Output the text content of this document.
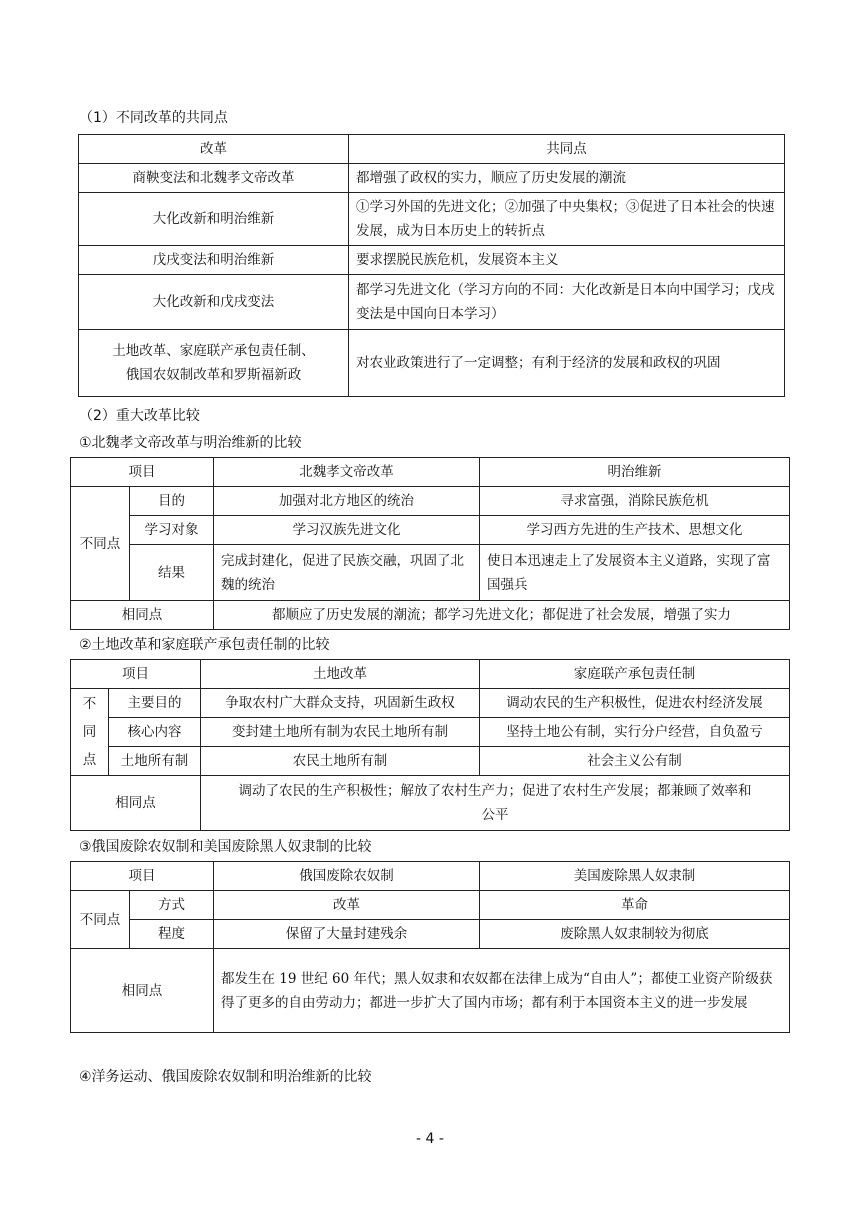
（1）不同改革的共同点
改革	共同点
商鞅变法和北魏孝文帝改革	都增强了政权的实力，顺应了历史发展的潮流
大化改新和明治维新	①学习外国的先进文化；②加强了中央集权；③促进了日本社会的快速发展，成为日本历史上的转折点
戊戌变法和明治维新	要求摆脱民族危机，发展资本主义
大化改新和戊戌变法	都学习先进文化（学习方向的不同：大化改新是日本向中国学习；戊戌变法是中国向日本学习）

土地改革、家庭联产承包责任制、
俄国农奴制改革和罗斯福新政	对农业政策进行了一定调整；有利于经济的发展和政权的巩固
（2）重大改革比较
①北魏孝文帝改革与明治维新的比较
项目		北魏孝文帝改革	明治维新
不同点	目的	加强对北方地区的统治	寻求富强，消除民族危机
	学习对象	学习汉族先进文化	学习西方先进的生产技术、思想文化
	结果	完成封建化，促进了民族交融，巩固了北魏的统治	使日本迅速走上了发展资本主义道路，实现了富国强兵
相同点		都顺应了历史发展的潮流；都学习先进文化；都促进了社会发展，增强了实力	
②土地改革和家庭联产承包责任制的比较
项目		土地改革	家庭联产承包责任制

不
同
点	主要目的	争取农村广大群众支持，巩固新生政权	调动农民的生产积极性，促进农村经济发展
	核心内容	变封建土地所有制为农民土地所有制	坚持土地公有制，实行分户经营，自负盈亏
	土地所有制	农民土地所有制	社会主义公有制
相同点		调动了农民的生产积极性；解放了农村生产力；促进了农村生产发展；都兼顾了效率和
公平	
③俄国废除农奴制和美国废除黑人奴隶制的比较
项目		俄国废除农奴制	美国废除黑人奴隶制
不同点	方式	改革	革命
	程度	保留了大量封建残余	废除黑人奴隶制较为彻底
相同点		都发生在 19 世纪 60 年代；黑人奴隶和农奴都在法律上成为“自由人”；都使工业资产阶级获得了更多的自由劳动力；都进一步扩大了国内市场；都有利于本国资本主义的进一步发展	
④洋务运动、俄国废除农奴制和明治维新的比较
- 4 -
